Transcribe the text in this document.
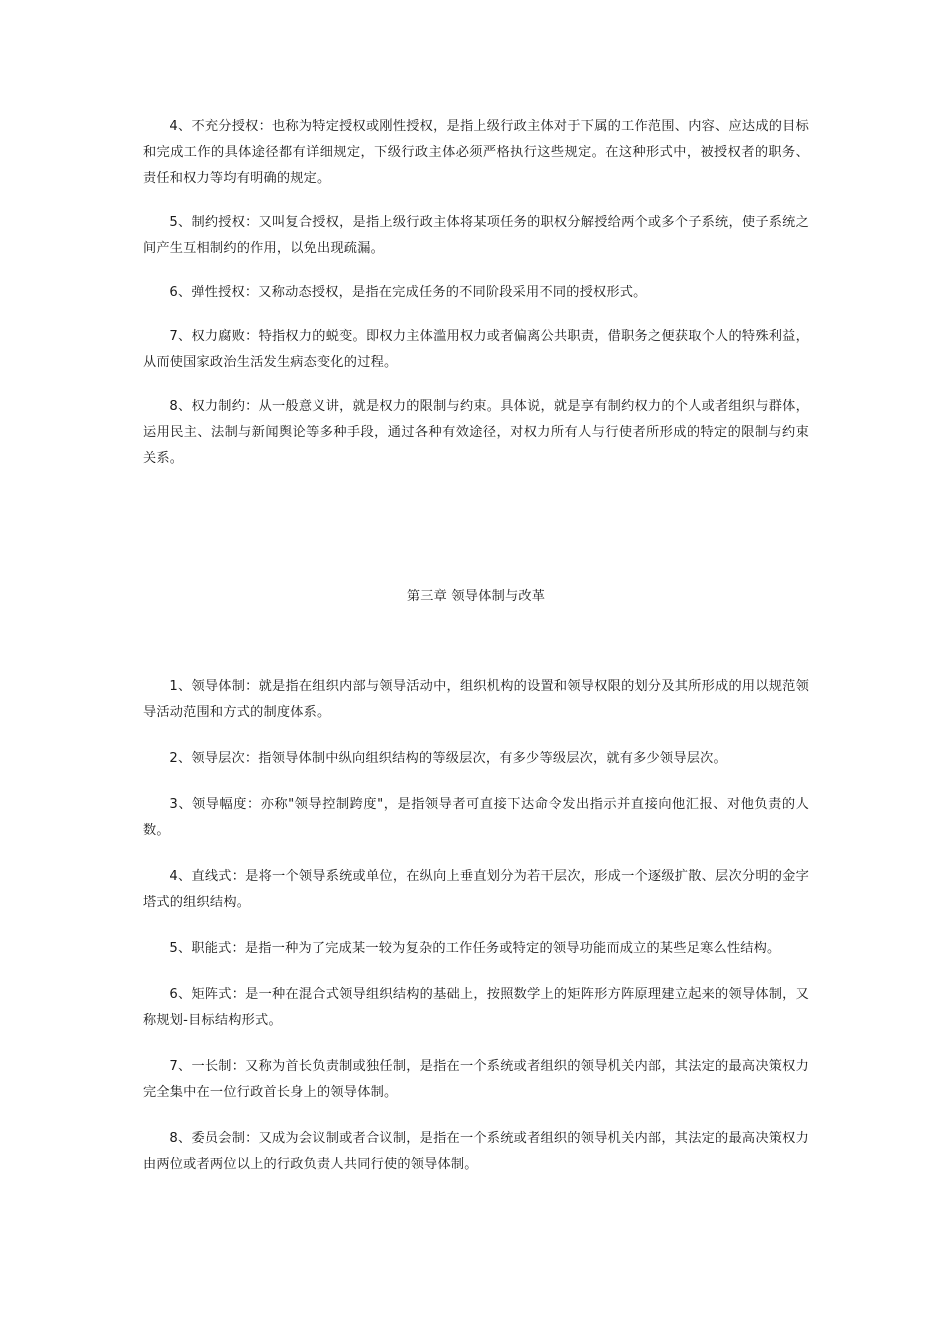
4、不充分授权：也称为特定授权或刚性授权，是指上级行政主体对于下属的工作范围、内容、应达成的目标和完成工作的具体途径都有详细规定，下级行政主体必须严格执行这些规定。在这种形式中，被授权者的职务、责任和权力等均有明确的规定。

5、制约授权：又叫复合授权，是指上级行政主体将某项任务的职权分解授给两个或多个子系统，使子系统之间产生互相制约的作用，以免出现疏漏。

6、弹性授权：又称动态授权，是指在完成任务的不同阶段采用不同的授权形式。

7、权力腐败：特指权力的蜕变。即权力主体滥用权力或者偏离公共职责，借职务之便获取个人的特殊利益，从而使国家政治生活发生病态变化的过程。

8、权力制约：从一般意义讲，就是权力的限制与约束。具体说，就是享有制约权力的个人或者组织与群体，运用民主、法制与新闻舆论等多种手段，通过各种有效途径，对权力所有人与行使者所形成的特定的限制与约束关系。

第三章 领导体制与改革

1、领导体制：就是指在组织内部与领导活动中，组织机构的设置和领导权限的划分及其所形成的用以规范领导活动范围和方式的制度体系。

2、领导层次：指领导体制中纵向组织结构的等级层次，有多少等级层次，就有多少领导层次。

3、领导幅度：亦称"领导控制跨度"，是指领导者可直接下达命令发出指示并直接向他汇报、对他负责的人数。

4、直线式：是将一个领导系统或单位，在纵向上垂直划分为若干层次，形成一个逐级扩散、层次分明的金字塔式的组织结构。

5、职能式：是指一种为了完成某一较为复杂的工作任务或特定的领导功能而成立的某些足寒么性结构。

6、矩阵式：是一种在混合式领导组织结构的基础上，按照数学上的矩阵形方阵原理建立起来的领导体制，又称规划-目标结构形式。

7、一长制：又称为首长负责制或独任制，是指在一个系统或者组织的领导机关内部，其法定的最高决策权力完全集中在一位行政首长身上的领导体制。

8、委员会制：又成为会议制或者合议制，是指在一个系统或者组织的领导机关内部，其法定的最高决策权力由两位或者两位以上的行政负责人共同行使的领导体制。
